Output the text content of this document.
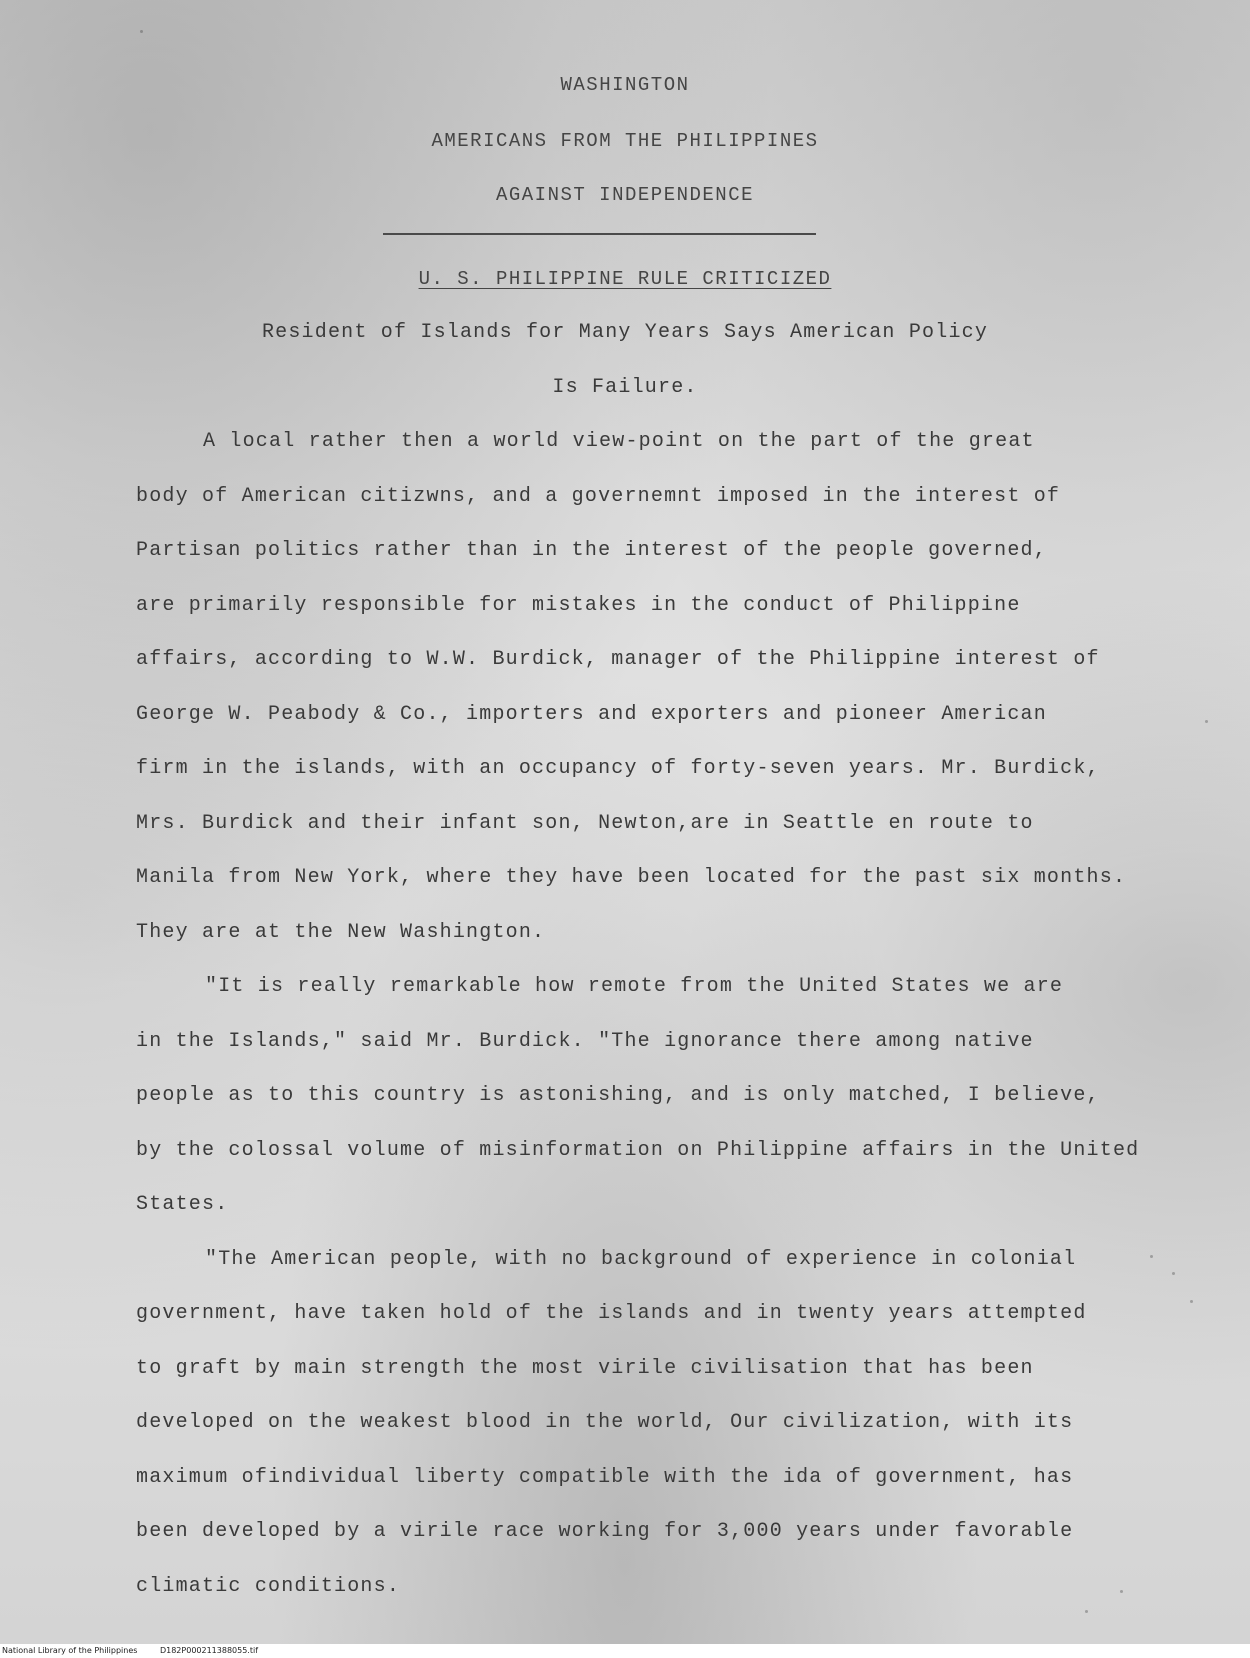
WASHINGTON
AMERICANS FROM THE PHILIPPINES
AGAINST INDEPENDENCE
U. S. PHILIPPINE RULE CRITICIZED
Resident of Islands for Many Years Says American Policy
Is Failure.
A local rather then a world view-point on the part of the great
body of American citizwns, and a governemnt imposed in the interest of
Partisan politics rather than in the interest of the people governed,
are primarily responsible for mistakes in the conduct of Philippine
affairs, according to W.W. Burdick, manager of the Philippine interest of
George W. Peabody & Co., importers and exporters and pioneer American
firm in the islands, with an occupancy of forty-seven years. Mr. Burdick,
Mrs. Burdick and their infant son, Newton,are in Seattle en route to
Manila from New York, where they have been located for the past six months.
They are at the New Washington.
"It is really remarkable how remote from the United States we are
in the Islands," said Mr. Burdick. "The ignorance there among native
people as to this country is astonishing, and is only matched, I believe,
by the colossal volume of misinformation on Philippine affairs in the United
States.
"The American people, with no background of experience in colonial
government, have taken hold of the islands and in twenty years attempted
to graft by main strength the most virile civilisation that has been
developed on the weakest blood in the world, Our civilization, with its
maximum ofindividual liberty compatible with the ida of government, has
been developed by a virile race working for 3,000 years under favorable
climatic conditions.
National Library of the Philippines	D182P000211388055.tif
